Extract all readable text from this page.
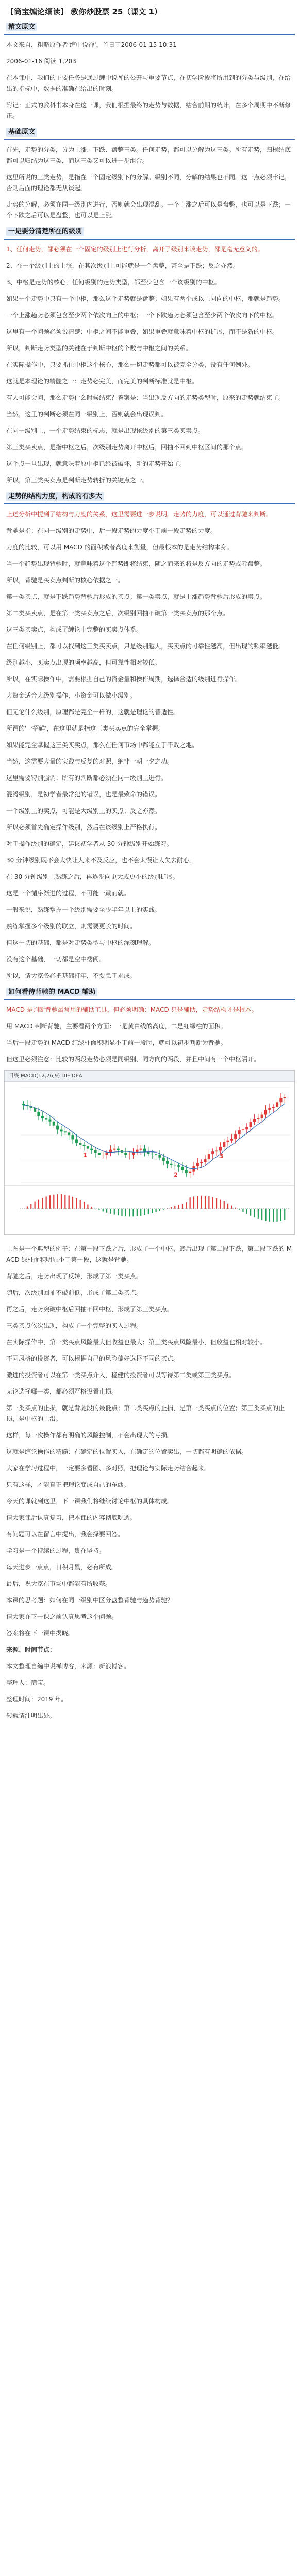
【筒宝缠论细读】 教你炒股票 25（课文 1）
精文原文
本文来自，粗略原作者'缠中说禅'，首日于2006-01-15 10:31
2006-01-16 阅读 1,203
在本课中，我们的主要任务是通过缠中说禅的公开与重要节点，在初学阶段将所用到的分类与级别，在给出的指标中，数据的准确在给出的时刻。
附记：正式的教科书本身在这一课，我们根据最终的走势与数据，结合前期的统计，在多个周期中不断修正。
基础原文
首先，走势的分类，分为上涨、下跌、盘整三类。任何走势，都可以分解为这三类。所有走势，归根结底都可以归结为这三类，而这三类又可以进一步组合。
这里所说的三类走势，是指在一个固定级别下的分解。级别不同，分解的结果也不同。这一点必须牢记，否则后面的理论都无从谈起。
走势的分解，必须在同一级别内进行，否则就会出现混乱。一个上涨之后可以是盘整，也可以是下跌；一个下跌之后可以是盘整，也可以是上涨。
一是要分清楚所在的级别
1、任何走势，都必须在一个固定的级别上进行分析，离开了级别来谈走势，都是毫无意义的。
2、在一个级别上的上涨，在其次级别上可能就是一个盘整，甚至是下跌；反之亦然。
3、中枢是走势的核心，任何级别的走势类型，都至少包含一个该级别的中枢。
如果一个走势中只有一个中枢，那么这个走势就是盘整；如果有两个或以上同向的中枢，那就是趋势。
一个上涨趋势必须包含至少两个依次向上的中枢；一个下跌趋势必须包含至少两个依次向下的中枢。
这里有一个问题必须说清楚：中枢之间不能重叠，如果重叠就意味着中枢的扩展，而不是新的中枢。
所以，判断走势类型的关键在于判断中枢的个数与中枢之间的关系。
在实际操作中，只要抓住中枢这个核心，那么一切走势都可以被完全分类，没有任何例外。
这就是本理论的精髓之一：走势必完美，而完美的判断标准就是中枢。
有人可能会问，那么走势什么时候结束？答案是：当出现反方向的走势类型时，原来的走势就结束了。
当然，这里的判断必须在同一级别上，否则就会出现误判。
在同一级别上，一个走势结束的标志，就是出现该级别的第三类买卖点。
第三类买卖点，是指中枢之后，次级别走势离开中枢后，回抽不回到中枢区间的那个点。
这个点一旦出现，就意味着原中枢已经被破坏，新的走势开始了。
所以，第三类买卖点是判断走势转折的关键点之一。
走势的结构力度，构成的有多大
上述分析中提到了结构与力度的关系，这里需要进一步说明。走势的力度，可以通过背驰来判断。
背驰是指：在同一级别的走势中，后一段走势的力度小于前一段走势的力度。
力度的比较，可以用 MACD 的面积或者高度来衡量，但最根本的是走势结构本身。
当一个趋势出现背驰时，就意味着这个趋势即将结束，随之而来的将是反方向的走势或者盘整。
所以，背驰是买卖点判断的核心依据之一。
第一类买点，就是下跌趋势背驰后形成的买点；第一类卖点，就是上涨趋势背驰后形成的卖点。
第二类买卖点，是在第一类买卖点之后，次级别回抽不破第一类买卖点的那个点。
这三类买卖点，构成了缠论中完整的买卖点体系。
在任何级别上，都可以找到这三类买卖点，只是级别越大，买卖点的可靠性越高，但出现的频率越低。
级别越小，买卖点出现的频率越高，但可靠性相对较低。
所以，在实际操作中，需要根据自己的资金量和操作周期，选择合适的级别进行操作。
大资金适合大级别操作，小资金可以做小级别。
但无论什么级别，原理都是完全一样的，这就是理论的普适性。
所谓的'一招鲜'，在这里就是指这三类买卖点的完全掌握。
如果能完全掌握这三类买卖点，那么在任何市场中都能立于不败之地。
当然，这需要大量的实践与反复的对照，绝非一朝一夕之功。
这里需要特别强调：所有的判断都必须在同一级别上进行。
混淆级别，是初学者最常犯的错误，也是最致命的错误。
一个级别上的卖点，可能是大级别上的买点；反之亦然。
所以必须首先确定操作级别，然后在该级别上严格执行。
对于操作级别的确定，建议初学者从 30 分钟级别开始练习。
30 分钟级别既不会太快让人来不及反应，也不会太慢让人失去耐心。
在 30 分钟级别上熟练之后，再逐步向更大或更小的级别扩展。
这是一个循序渐进的过程，不可能一蹴而就。
一般来说，熟练掌握一个级别需要至少半年以上的实践。
熟练掌握多个级别的联立，则需要更长的时间。
但这一切的基础，都是对走势类型与中枢的深刻理解。
没有这个基础，一切都是空中楼阁。
所以，请大家务必把基础打牢，不要急于求成。
如何看待背驰的 MACD 辅助
MACD 是判断背驰最常用的辅助工具，但必须明确：MACD 只是辅助，走势结构才是根本。
用 MACD 判断背驰，主要看两个方面：一是黄白线的高度，二是红绿柱的面积。
当后一段走势的 MACD 红绿柱面积明显小于前一段时，就可以初步判断为背驰。
但这里必须注意：比较的两段走势必须是同级别、同方向的两段，并且中间有一个中枢隔开。
日线 MACD(12,26,9) DIF DEA
1
2
3
上图是一个典型的例子：在第一段下跌之后，形成了一个中枢，然后出现了第二段下跌，第二段下跌的 MACD 绿柱面积明显小于第一段，这就是背驰。
背驰之后，走势出现了反转，形成了第一类买点。
随后，次级别回抽不破前低，形成了第二类买点。
再之后，走势突破中枢后回抽不回中枢，形成了第三类买点。
三类买点依次出现，构成了一个完整的买入过程。
在实际操作中，第一类买点风险最大但收益也最大；第三类买点风险最小，但收益也相对较小。
不同风格的投资者，可以根据自己的风险偏好选择不同的买点。
激进的投资者可以在第一类买点介入，稳健的投资者可以等待第二类或第三类买点。
无论选择哪一类，都必须严格设置止损。
第一类买点的止损，就是背驰段的最低点；第二类买点的止损，是第一类买点的位置；第三类买点的止损，是中枢的上沿。
这样，每一次操作都有明确的风险控制，不会出现大的亏损。
这就是缠论操作的精髓：在确定的位置买入，在确定的位置卖出，一切都有明确的依据。
大家在学习过程中，一定要多看图、多对照，把理论与实际走势结合起来。
只有这样，才能真正把理论变成自己的东西。
今天的课就到这里，下一课我们将继续讨论中枢的具体构成。
请大家课后认真复习，把本课的内容彻底吃透。
有问题可以在留言中提出，我会择要回答。
学习是一个持续的过程，贵在坚持。
每天进步一点点，日积月累，必有所成。
最后，祝大家在市场中都能有所收获。
本课的思考题：如何在同一级别中区分盘整背驰与趋势背驰？
请大家在下一课之前认真思考这个问题。
答案将在下一课中揭晓。
来源、时间节点：
本文整理自缠中说禅博客，来源：新浪博客。
整理人：筒宝。
整理时间：2019 年。
转载请注明出处。
